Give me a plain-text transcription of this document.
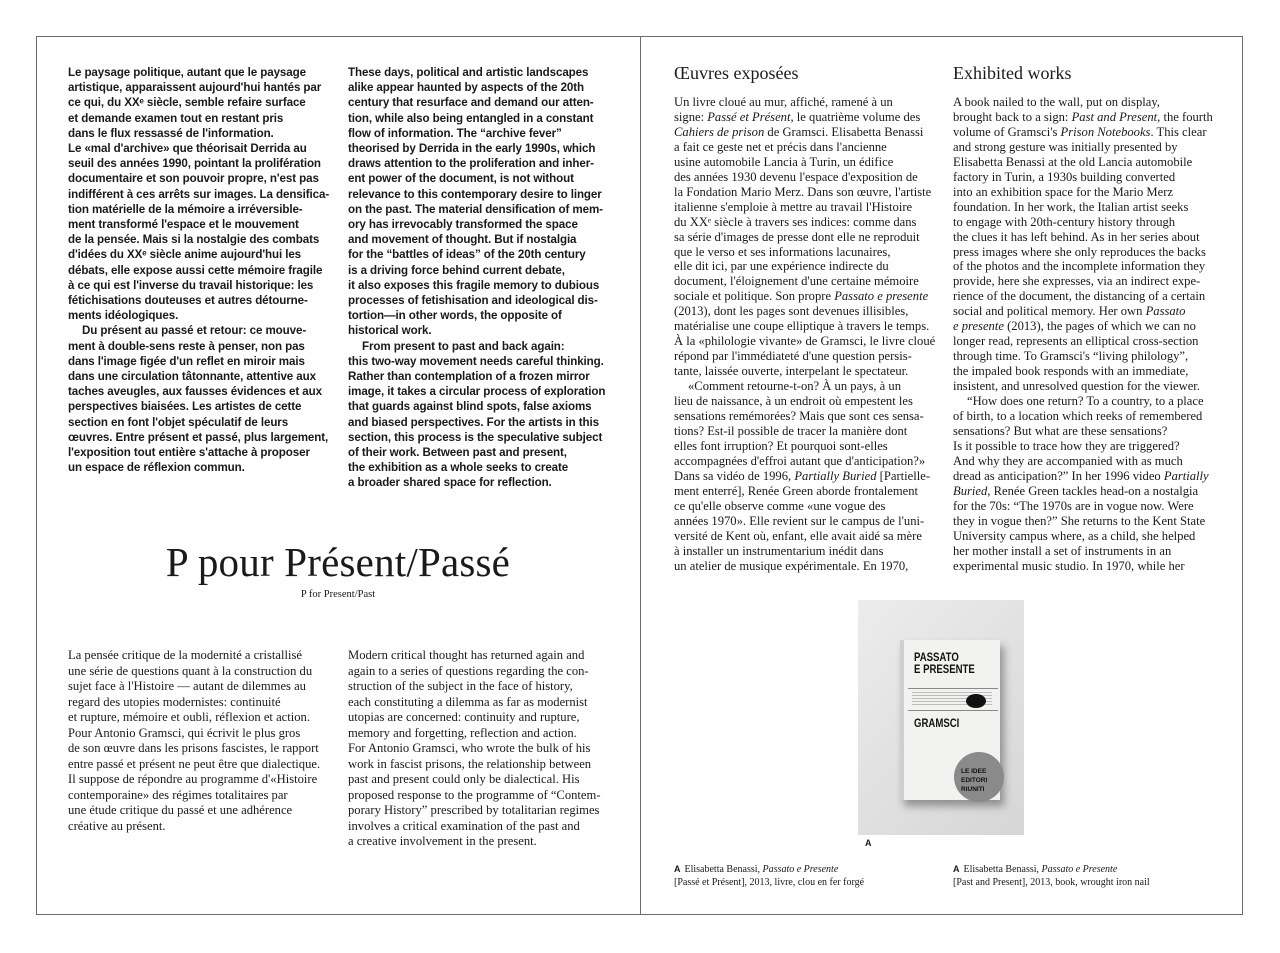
Le paysage politique, autant que le paysage
artistique, apparaissent aujourd'hui hantés par
ce qui, du XXᵉ siècle, semble refaire surface
et demande examen tout en restant pris
dans le flux ressassé de l'information.
Le «mal d'archive» que théorisait Derrida au
seuil des années 1990, pointant la prolifération
documentaire et son pouvoir propre, n'est pas
indifférent à ces arrêts sur images. La densifica-
tion matérielle de la mémoire a irréversible-
ment transformé l'espace et le mouvement
de la pensée. Mais si la nostalgie des combats
d'idées du XXᵉ siècle anime aujourd'hui les
débats, elle expose aussi cette mémoire fragile
à ce qui est l'inverse du travail historique: les
fétichisations douteuses et autres détourne-
ments idéologiques.
Du présent au passé et retour: ce mouve-
ment à double-sens reste à penser, non pas
dans l'image figée d'un reflet en miroir mais
dans une circulation tâtonnante, attentive aux
taches aveugles, aux fausses évidences et aux
perspectives biaisées. Les artistes de cette
section en font l'objet spéculatif de leurs
œuvres. Entre présent et passé, plus largement,
l'exposition tout entière s'attache à proposer
un espace de réflexion commun.
These days, political and artistic landscapes
alike appear haunted by aspects of the 20th
century that resurface and demand our atten-
tion, while also being entangled in a constant
flow of information. The “archive fever”
theorised by Derrida in the early 1990s, which
draws attention to the proliferation and inher-
ent power of the document, is not without
relevance to this contemporary desire to linger
on the past. The material densification of mem-
ory has irrevocably transformed the space
and movement of thought. But if nostalgia
for the “battles of ideas” of the 20th century
is a driving force behind current debate,
it also exposes this fragile memory to dubious
processes of fetishisation and ideological dis-
tortion—in other words, the opposite of
historical work.
From present to past and back again:
this two-way movement needs careful thinking.
Rather than contemplation of a frozen mirror
image, it takes a circular process of exploration
that guards against blind spots, false axioms
and biased perspectives. For the artists in this
section, this process is the speculative subject
of their work. Between past and present,
the exhibition as a whole seeks to create
a broader shared space for reflection.
P pour Présent/Passé
P for Present/Past
La pensée critique de la modernité a cristallisé
une série de questions quant à la construction du
sujet face à l'Histoire — autant de dilemmes au
regard des utopies modernistes: continuité
et rupture, mémoire et oubli, réflexion et action.
Pour Antonio Gramsci, qui écrivit le plus gros
de son œuvre dans les prisons fascistes, le rapport
entre passé et présent ne peut être que dialectique.
Il suppose de répondre au programme d'«Histoire
contemporaine» des régimes totalitaires par
une étude critique du passé et une adhérence
créative au présent.
Modern critical thought has returned again and
again to a series of questions regarding the con-
struction of the subject in the face of history,
each constituting a dilemma as far as modernist
utopias are concerned: continuity and rupture,
memory and forgetting, reflection and action.
For Antonio Gramsci, who wrote the bulk of his
work in fascist prisons, the relationship between
past and present could only be dialectical. His
proposed response to the programme of “Contem-
porary History” prescribed by totalitarian regimes
involves a critical examination of the past and
a creative involvement in the present.
Œuvres exposées	Exhibited works
Un livre cloué au mur, affiché, ramené à un
signe: Passé et Présent, le quatrième volume des
Cahiers de prison de Gramsci. Elisabetta Benassi
a fait ce geste net et précis dans l'ancienne
usine automobile Lancia à Turin, un édifice
des années 1930 devenu l'espace d'exposition de
la Fondation Mario Merz. Dans son œuvre, l'artiste
italienne s'emploie à mettre au travail l'Histoire
du XXᵉ siècle à travers ses indices: comme dans
sa série d'images de presse dont elle ne reproduit
que le verso et ses informations lacunaires,
elle dit ici, par une expérience indirecte du
document, l'éloignement d'une certaine mémoire
sociale et politique. Son propre Passato e presente
(2013), dont les pages sont devenues illisibles,
matérialise une coupe elliptique à travers le temps.
À la «philologie vivante» de Gramsci, le livre cloué
répond par l'immédiateté d'une question persis-
tante, laissée ouverte, interpelant le spectateur.
«Comment retourne-t-on? À un pays, à un
lieu de naissance, à un endroit où empestent les
sensations remémorées? Mais que sont ces sensa-
tions? Est-il possible de tracer la manière dont
elles font irruption? Et pourquoi sont-elles
accompagnées d'effroi autant que d'anticipation?»
Dans sa vidéo de 1996, Partially Buried [Partielle-
ment enterré], Renée Green aborde frontalement
ce qu'elle observe comme «une vogue des
années 1970». Elle revient sur le campus de l'uni-
versité de Kent où, enfant, elle avait aidé sa mère
à installer un instrumentarium inédit dans
un atelier de musique expérimentale. En 1970,
A book nailed to the wall, put on display,
brought back to a sign: Past and Present, the fourth
volume of Gramsci's Prison Notebooks. This clear
and strong gesture was initially presented by
Elisabetta Benassi at the old Lancia automobile
factory in Turin, a 1930s building converted
into an exhibition space for the Mario Merz
foundation. In her work, the Italian artist seeks
to engage with 20th-century history through
the clues it has left behind. As in her series about
press images where she only reproduces the backs
of the photos and the incomplete information they
provide, here she expresses, via an indirect expe-
rience of the document, the distancing of a certain
social and political memory. Her own Passato
e presente (2013), the pages of which we can no
longer read, represents an elliptical cross-section
through time. To Gramsci's “living philology”,
the impaled book responds with an immediate,
insistent, and unresolved question for the viewer.
“How does one return? To a country, to a place
of birth, to a location which reeks of remembered
sensations? But what are these sensations?
Is it possible to trace how they are triggered?
And why they are accompanied with as much
dread as anticipation?” In her 1996 video Partially
Buried, Renée Green tackles head-on a nostalgia
for the 70s: “The 1970s are in vogue now. Were
they in vogue then?” She returns to the Kent State
University campus where, as a child, she helped
her mother install a set of instruments in an
experimental music studio. In 1970, while her
PASSATO
E PRESENTE
GRAMSCI
LE IDEE
EDITORI RIUNITI
A
A Elisabetta Benassi, Passato e Presente
[Passé et Présent], 2013, livre, clou en fer forgé
A Elisabetta Benassi, Passato e Presente
[Past and Present], 2013, book, wrought iron nail
